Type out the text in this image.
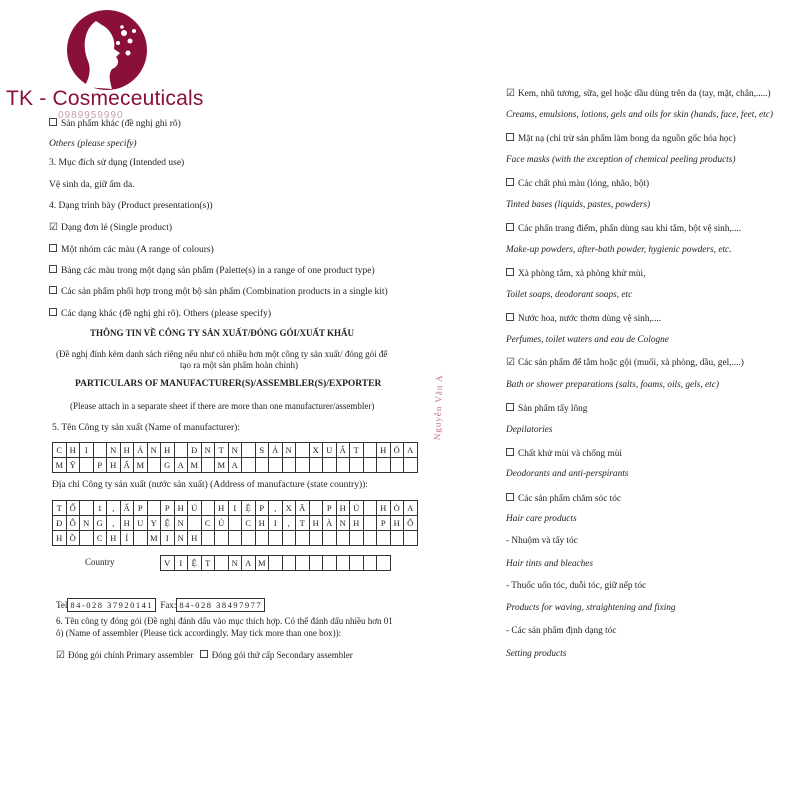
TK - Cosmeceuticals
0989959990
Sản phẩm khác (đề nghị ghi rõ)
Others (please specify)
3. Mục đích sử dụng (Intended use)
Vệ sinh da, giữ ẩm da.
4. Dạng trình bày (Product presentation(s))
☑ Dạng đơn lẻ (Single product)
Một nhóm các màu (A range of colours)
Bảng các màu trong một dạng sản phẩm (Palette(s) in a range of one product type)
Các sản phẩm phối hợp trong một bộ sản phẩm (Combination products in a single kit)
Các dạng khác (đề nghị ghi rõ). Others (please specify)
THÔNG TIN VỀ CÔNG TY SẢN XUẤT/ĐÓNG GÓI/XUẤT KHẨU
(Đề nghị đính kèm danh sách riêng nếu như có nhiều hơn một công ty sản xuất/ đóng gói để
tạo ra một sản phẩm hoàn chỉnh)
PARTICULARS OF MANUFACTURER(S)/ASSEMBLER(S)/EXPORTER
(Please attach in a separate sheet if there are more than one manufacturer/assembler)
5. Tên Công ty sản xuất (Name of manufacturer):
C H	I	N H Á N H	Đ N T N	S Ả N	X U Ấ T	H Ó A
M Ỹ	P H Ẩ M	G A M	M A
Địa chỉ Công ty sản xuất (nước sản xuất) (Address of manufacture (state country)):
T Ổ	1	,	Ấ P	P H Ú	H	I	Ệ	P	,	X Ã	P H Ú	H Ò A
Đ Ô N G	,	H U Y Ệ N	C Ủ	C H	I	,	T H À N H	P H Ố
H Ồ	C H	Í	M I	N H
Country	V	I	Ệ T	N A M
Tel 84-028 37920141 Fax: 84-028 38497977
6. Tên công ty đóng gói (Đề nghị đánh dấu vào mục thích hợp. Có thể đánh dấu nhiều hơn 01
ô) (Name of assembler (Please tick accordingly. May tick more than one box)):
☑ Đóng gói chính Primary assembler Đóng gói thứ cấp Secondary assembler
Nguyễn Văn A
☑ Kem, nhũ tương, sữa, gel hoặc dầu dùng trên da (tay, mặt, chân,.....)
Creams, emulsions, lotions, gels and oils for skin (hands, face, feet, etc)
Mặt nạ (chỉ trừ sản phẩm làm bong da nguồn gốc hóa học)
Face masks (with the exception of chemical peeling products)
Các chất phủ màu (lỏng, nhão, bột)
Tinted bases (liquids, pastes, powders)
Các phấn trang điểm, phấn dùng sau khi tắm, bột vệ sinh,....
Make-up powders, after-bath powder, hygienic powders, etc.
Xà phòng tắm, xà phòng khử mùi,
Toilet soaps, deodorant soaps, etc
Nước hoa, nước thơm dùng vệ sinh,....
Perfumes, toilet waters and eau de Cologne
☑ Các sản phẩm để tắm hoặc gội (muối, xà phòng, dầu, gel,....)
Bath or shower preparations (salts, foams, oils, gels, etc)
Sản phẩm tẩy lông
Depilatories
Chất khử mùi và chống mùi
Deodorants and anti-perspirants
Các sản phẩm chăm sóc tóc
Hair care products
- Nhuộm và tẩy tóc
Hair tints and bleaches
- Thuốc uốn tóc, duỗi tóc, giữ nếp tóc
Products for waving, straightening and fixing
- Các sản phẩm định dạng tóc
Setting products
